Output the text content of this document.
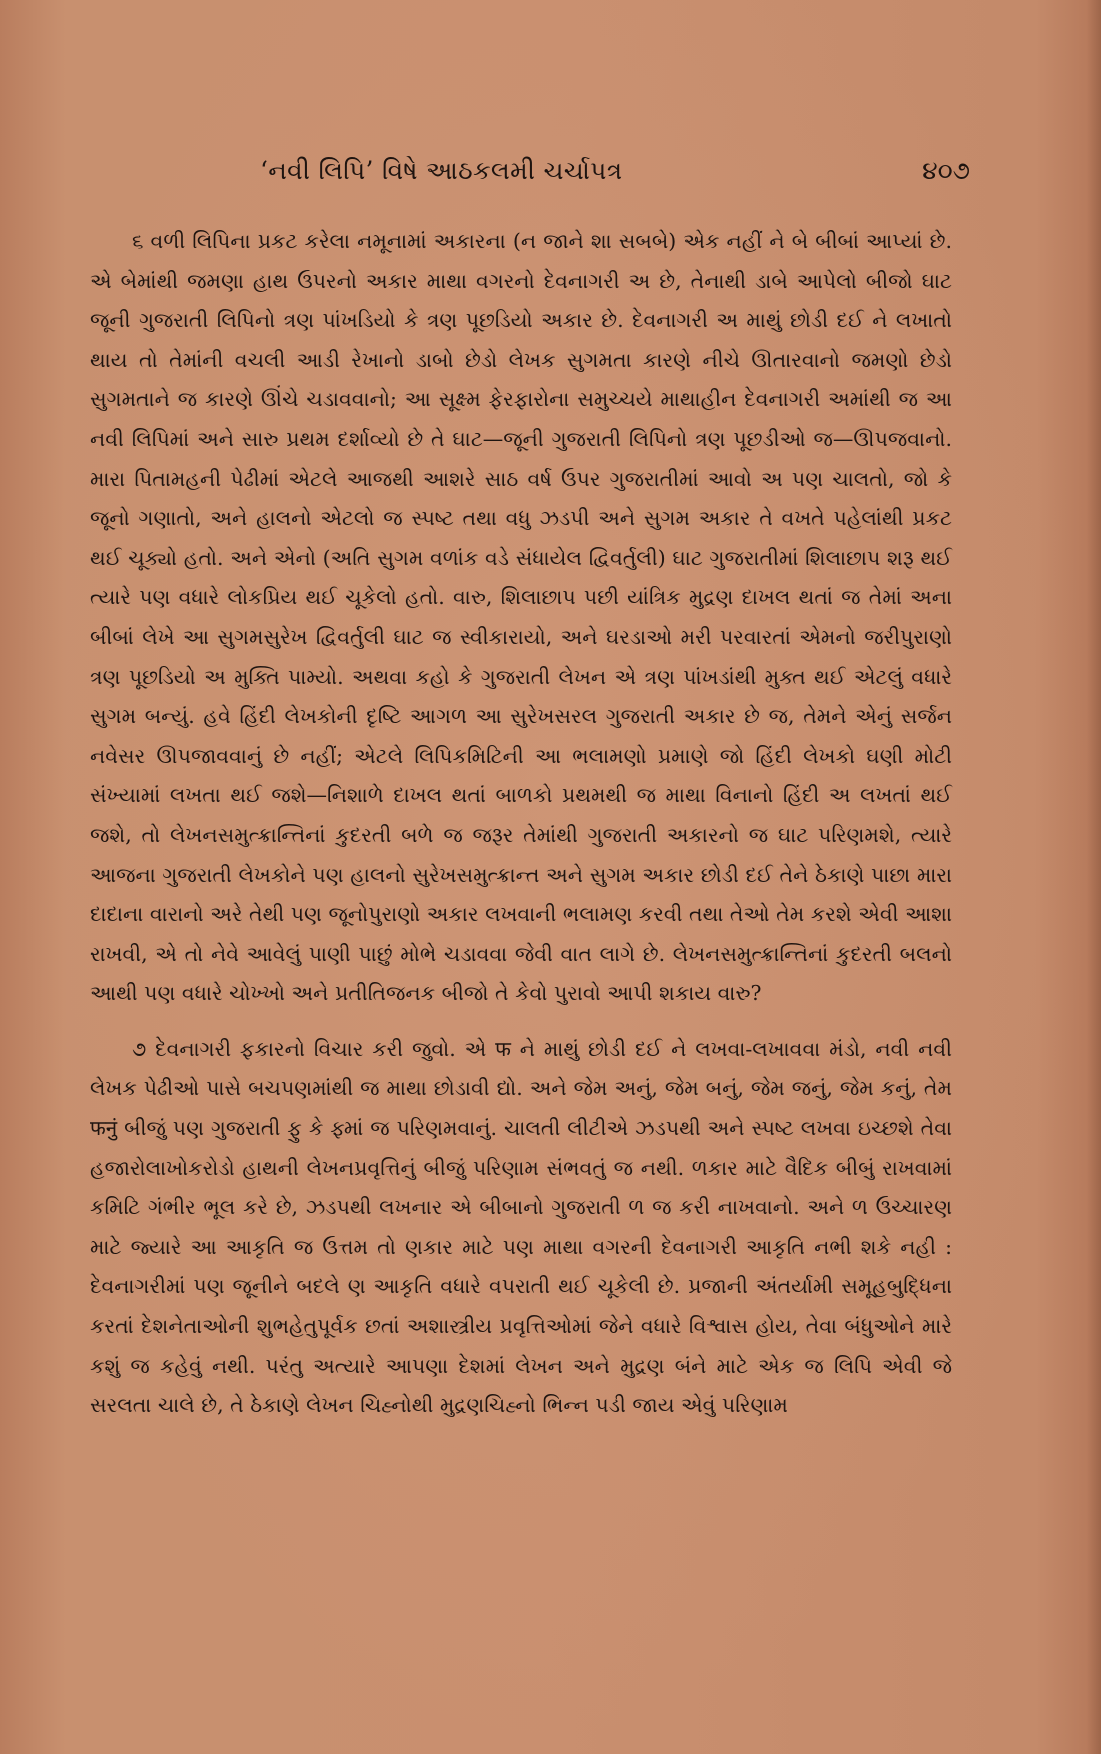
‘નવી લિપિ’ વિષે આઠકલમી ચર્ચાપત્ર	૪૦૭

૬ વળી લિપિના પ્રકટ કરેલા નમૂનામાં અકારના (ન જાને શા સબબે) એક નહીં ને બે બીબાં આપ્યાં છે. એ બેમાંથી જમણા હાથ ઉપરનો અકાર માથા વગરનો દેવનાગરી અ છે, તેનાથી ડાબે આપેલો બીજો ઘાટ જૂની ગુજરાતી લિપિનો ત્રણ પાંખડિયો કે ત્રણ પૂછડિયો અકાર છે. દેવનાગરી અ માથું છોડી દઈ ને લખાતો થાય તો તેમાંની વચલી આડી રેખાનો ડાબો છેડો લેખક સુગમતા કારણે નીચે ઊતારવાનો જમણો છેડો સુગમતાને જ કારણે ઊંચે ચડાવવાનો; આ સૂક્ષ્મ ફેરફારોના સમુચ્ચયે માથાહીન દેવનાગરી અમાંથી જ આ નવી લિપિમાં અને સારુ પ્રથમ દર્શાવ્યો છે તે ઘાટ—જૂની ગુજરાતી લિપિનો ત્રણ પૂછડીઓ જ—ઊપજવાનો. મારા પિતામહની પેઢીમાં એટલે આજથી આશરે સાઠ વર્ષ ઉપર ગુજરાતીમાં આવો અ પણ ચાલતો, જો કે જૂનો ગણાતો, અને હાલનો એટલો જ સ્પષ્ટ તથા વધુ ઝડપી અને સુગમ અકાર તે વખતે પહેલાંથી પ્રકટ થઈ ચૂક્યો હતો. અને એનો (અતિ સુગમ વળાંક વડે સંધાયેલ દ્વિવર્તુલી) ઘાટ ગુજરાતીમાં શિલાછાપ શરૂ થઈ ત્યારે પણ વધારે લોકપ્રિય થઈ ચૂકેલો હતો. વારુ, શિલાછાપ પછી યાંત્રિક મુદ્રણ દાખલ થતાં જ તેમાં અના બીબાં લેખે આ સુગમસુરેખ દ્વિવર્તુલી ઘાટ જ સ્વીકારાયો, અને ઘરડાઓ મરી પરવારતાં એમનો જરીપુરાણો ત્રણ પૂછડિયો અ મુક્તિ પામ્યો. અથવા કહો કે ગુજરાતી લેખન એ ત્રણ પાંખડાંથી મુક્ત થઈ એટલું વધારે સુગમ બન્યું. હવે હિંદી લેખકોની દૃષ્ટિ આગળ આ સુરેખસરલ ગુજરાતી અકાર છે જ, તેમને એનું સર્જન નવેસર ઊપજાવવાનું છે નહીં; એટલે લિપિકમિટિની આ ભલામણો પ્રમાણે જો હિંદી લેખકો ઘણી મોટી સંખ્યામાં લખતા થઈ જશે—નિશાળે દાખલ થતાં બાળકો પ્રથમથી જ માથા વિનાનો હિંદી અ લખતાં થઈ જશે, તો લેખનસમુત્ક્રાન્તિનાં કુદરતી બળે જ જરૂર તેમાંથી ગુજરાતી અકારનો જ ઘાટ પરિણમશે, ત્યારે આજના ગુજરાતી લેખકોને પણ હાલનો સુરેખસમુત્ક્રાન્ત અને સુગમ અકાર છોડી દઈ તેને ઠેકાણે પાછા મારા દાદાના વારાનો અરે તેથી પણ જૂનોપુરાણો અકાર લખવાની ભલામણ કરવી તથા તેઓ તેમ કરશે એવી આશા રાખવી, એ તો નેવે આવેલું પાણી પાછું મોભે ચડાવવા જેવી વાત લાગે છે. લેખનસમુત્ક્રાન્તિનાં કુદરતી બલનો આથી પણ વધારે ચોખ્ખો અને પ્રતીતિજનક બીજો તે કેવો પુરાવો આપી શકાય વારુ?

૭ દેવનાગરી ફકારનો વિચાર કરી જુવો. એ फ ને માથું છોડી દઈ ને લખવા-લખાવવા મંડો, નવી નવી લેખક પેઢીઓ પાસે બચપણમાંથી જ માથા છોડાવી દ્યો. અને જેમ અનું, જેમ બનું, જેમ જનું, જેમ કનું, તેમ फनुं બીજું પણ ગુજરાતી ફુ કે ફ્માં જ પરિણમવાનું. ચાલતી લીટીએ ઝડપથી અને સ્પષ્ટ લખવા ઇચ્છશે તેવા હજારોલાખોકરોડો હાથની લેખનપ્રવૃત્તિનું બીજું પરિણામ સંભવતું જ નથી. ળકાર માટે વૈદિક બીબું રાખવામાં કમિટિ ગંભીર ભૂલ કરે છે, ઝડપથી લખનાર એ બીબાનો ગુજરાતી ળ જ કરી નાખવાનો. અને ળ ઉચ્ચારણ માટે જ્યારે આ આકૃતિ જ ઉત્તમ તો ણકાર માટે પણ માથા વગરની દેવનાગરી આકૃતિ નભી શકે નહી : દેવનાગરીમાં પણ જૂનીને બદલે ણ આકૃતિ વધારે વપરાતી થઈ ચૂકેલી છે. પ્રજાની અંતર્યામી સમૂહબુદ્ધિના કરતાં દેશનેતાઓની શુભહેતુપૂર્વક છતાં અશાસ્ત્રીય પ્રવૃત્તિઓમાં જેને વધારે વિશ્વાસ હોય, તેવા બંધુઓને મારે કશું જ કહેવું નથી. પરંતુ અત્યારે આપણા દેશમાં લેખન અને મુદ્રણ બંને માટે એક જ લિપિ એવી જે સરલતા ચાલે છે, તે ઠેકાણે લેખન ચિહ્નોથી મુદ્રણચિહ્નો ભિન્ન પડી જાય એવું પરિણામ
